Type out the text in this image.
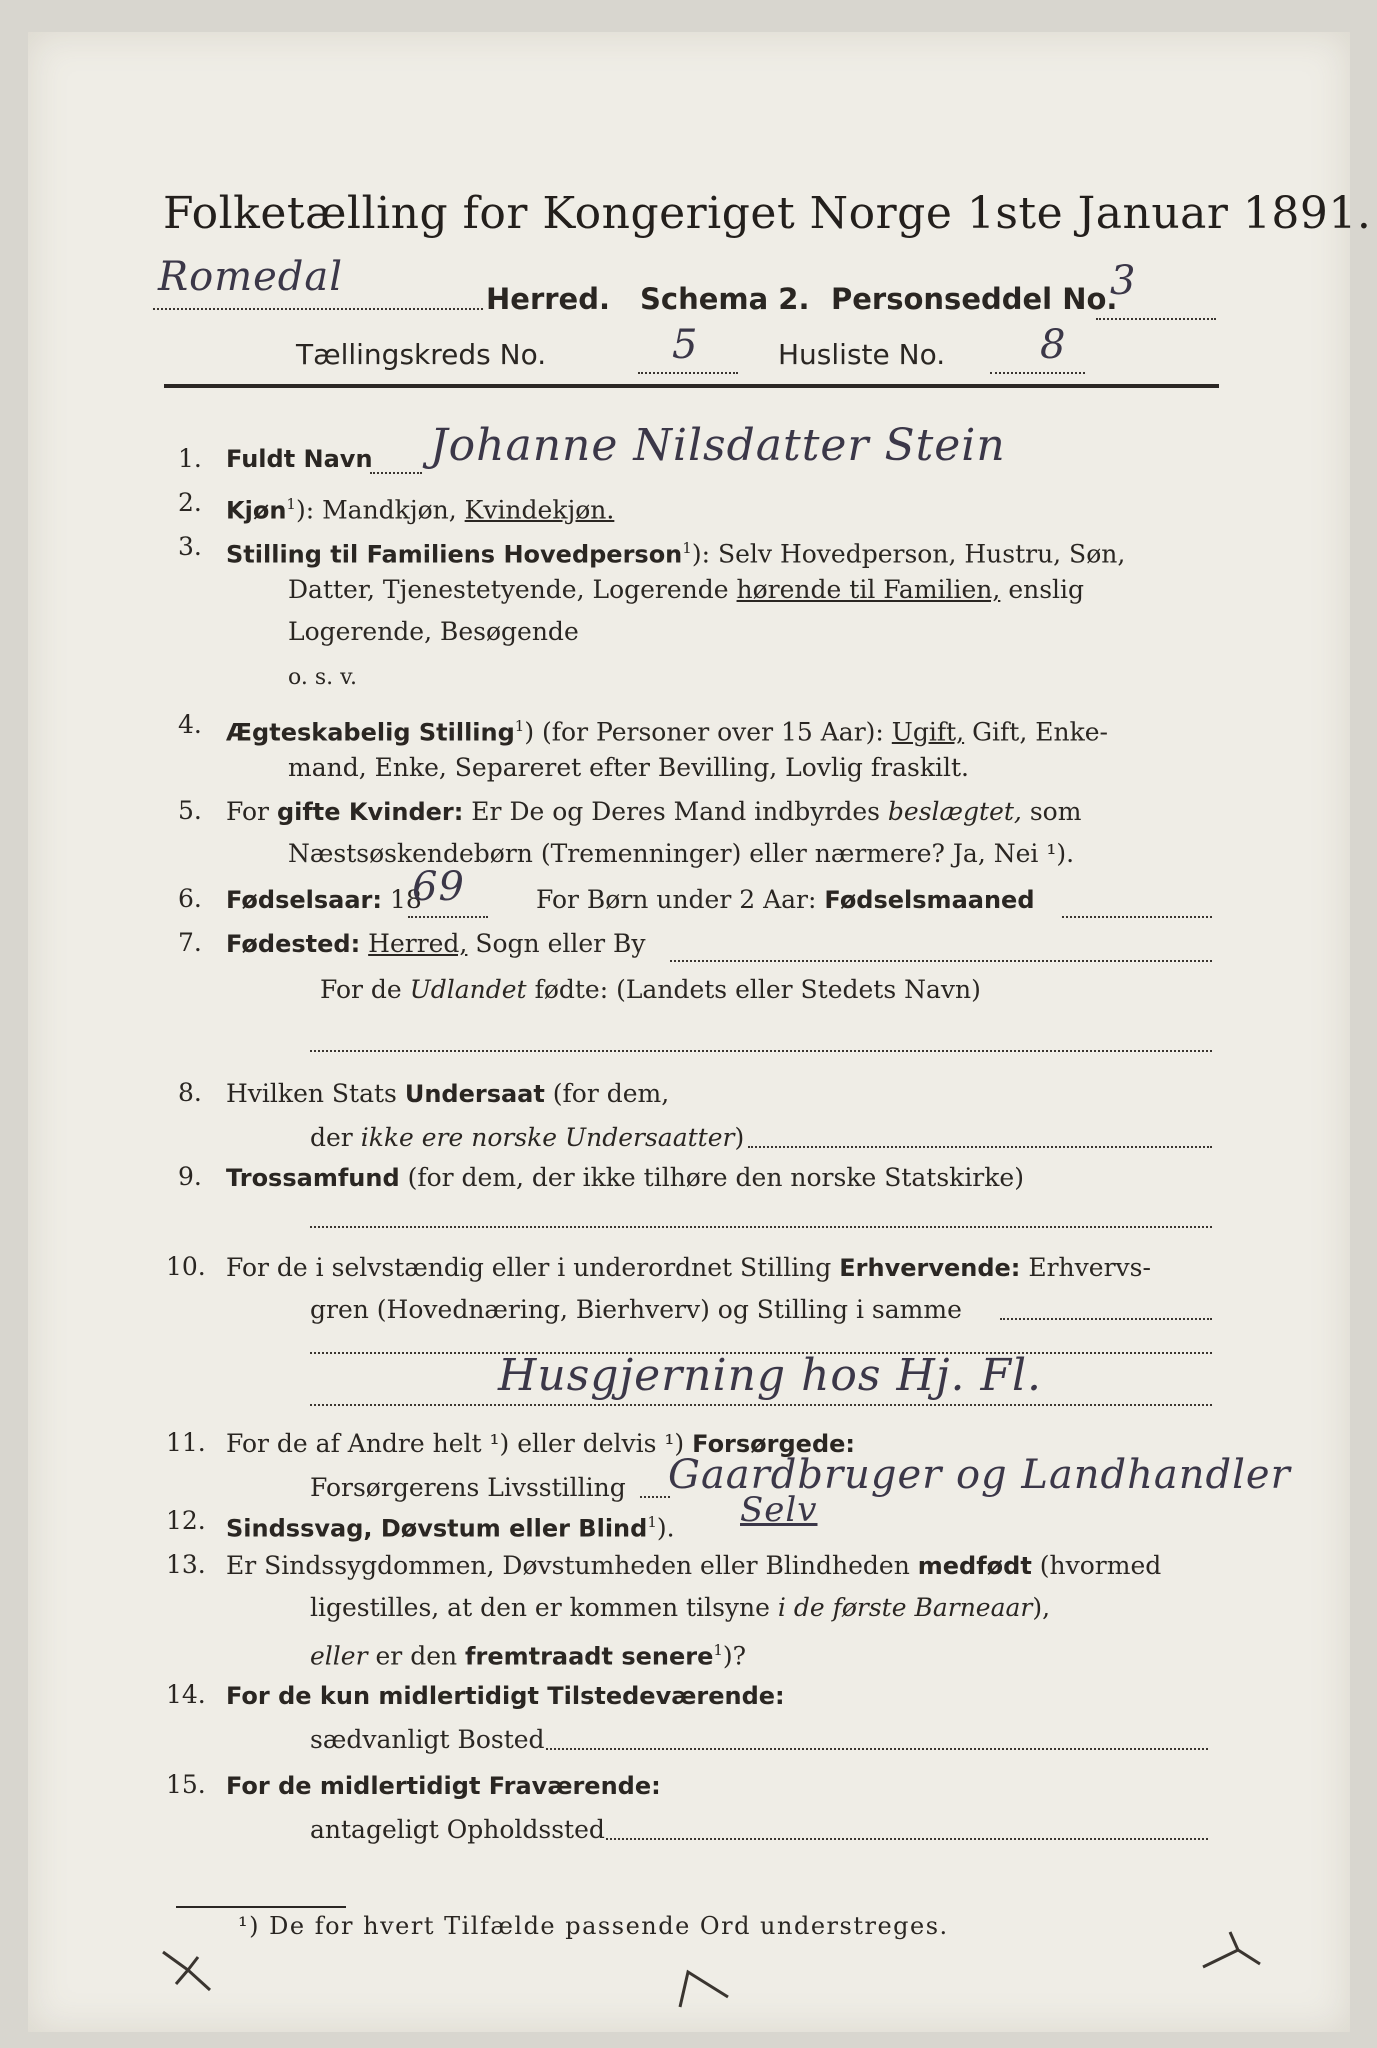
Folketælling for Kongeriget Norge 1ste Januar 1891.
Romedal	Herred. Schema 2. Personseddel No.
3
Tællingskreds No.	5	Husliste No. 8
1. Fuldt Navn Johanne Nilsdatter Stein
2. Kjøn$^1$): Mandkjøn, Kvindekjøn.
3. Stilling til Familiens Hovedperson$^1$): Selv Hovedperson, Hustru, Søn,
Datter, Tjenestetyende, Logerende hørende til Familien, enslig
Logerende, Besøgende
o. s. v.
4. Ægteskabelig Stilling$^1$) (for Personer over 15 Aar): Ugift, Gift, Enke-
mand, Enke, Separeret efter Bevilling, Lovlig fraskilt.
5. For gifte Kvinder: Er De og Deres Mand indbyrdes beslægtet, som
Næstsøskendebørn (Tremenninger) eller nærmere? Ja, Nei ¹).
6. Fødselsaar: 18
69	For Børn under 2 Aar: Fødselsmaaned
7. Fødested: Herred, Sogn eller By
For de Udlandet fødte: (Landets eller Stedets Navn)
8. Hvilken Stats Undersaat (for dem,
der ikke ere norske Undersaatter)
9. Trossamfund (for dem, der ikke tilhøre den norske Statskirke)
10. For de i selvstændig eller i underordnet Stilling Erhvervende: Erhvervs-
gren (Hovednæring, Bierhverv) og Stilling i samme
Husgjerning hos Hj. Fl.
11. For de af Andre helt ¹) eller delvis ¹) Forsørgede:
Forsørgerens Livsstilling Gaardbruger og Landhandler
12. Sindssvag, Døvstum eller Blind$^1$). Selv
13. Er Sindssygdommen, Døvstumheden eller Blindheden medfødt (hvormed
ligestilles, at den er kommen tilsyne i de første Barneaar),
eller er den fremtraadt senere$^1$)?
14. For de kun midlertidigt Tilstedeværende:
sædvanligt Bosted
15. For de midlertidigt Fraværende:
antageligt Opholdssted
¹) De for hvert Tilfælde passende Ord understreges.
